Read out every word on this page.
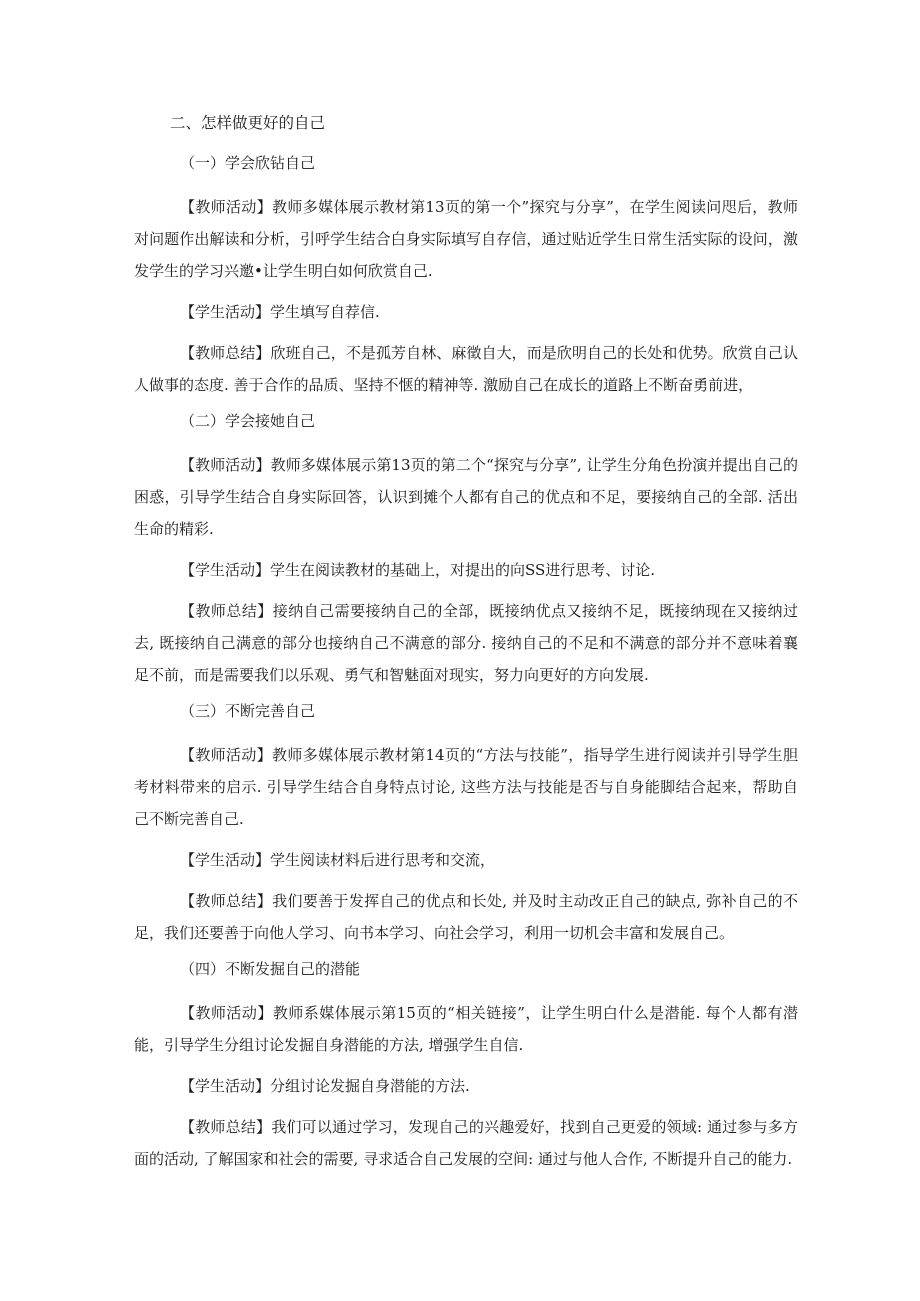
二、怎样做更好的自己
（一）学会欣钻自己

【教师活动】教师多媒体展示教材第13页的第一个”探究与分享”，在学生阅读问咫后，教师对问题作出解读和分析，引呼学生结合白身实际填写自存信，通过贴近学生日常生活实际的设问，激发学生的学习兴邀•让学生明白如何欣赏自己.

【学生活动】学生填写自荐信.

【教师总结】欣班自己，不是孤芳自林、麻徵自大，而是欣明自己的长处和优势。欣赏自己认人做事的态度. 善于合作的品质、坚持不惬的精神等. 激励自己在成长的道路上不断奋勇前进，

（二）学会接她自己

【教师活动】教师多媒体展示第13页的第二个“探究与分享”, 让学生分角色扮演并提出自己的困惑，引导学生结合自身实际回答，认识到摊个人都有自己的优点和不足，要接纳自己的全部. 活出生命的精彩.

【学生活动】学生在阅读教材的基础上，对提出的向SS进行思考、讨论.

【教师总结】接纳自己需要接纳自己的全部，既接纳优点又接纳不足，既接纳现在又接纳过去, 既接纳自己满意的部分也接纳自己不满意的部分. 接纳自己的不足和不满意的部分并不意味着襄足不前，而是需要我们以乐观、勇气和智魅面对现实，努力向更好的方向发展.

（三）不断完善自己

【教师活动】教师多媒体展示教材第14页的“方法与技能”，指导学生进行阅读并引导学生胆考材料带来的启示. 引导学生结合自身特点讨论, 这些方法与技能是否与自身能脚结合起来，帮助自己不断完善自己.

【学生活动】学生阅读材料后进行思考和交流，

【教师总结】我们要善于发挥自己的优点和长处, 并及时主动改正自己的缺点, 弥补自己的不足，我们还要善于向他人学习、向书本学习、向社会学习，利用一切机会丰富和发展自己。

（四）不断发掘自己的潜能

【教师活动】教师系媒体展示第15页的“相关链接”，让学生明白什么是潜能. 每个人都有潜能，引导学生分组讨论发掘自身潜能的方法, 增强学生自信.

【学生活动】分组讨论发掘自身潜能的方法.

【教师总结】我们可以通过学习，发现自己的兴趣爱好，找到自己更爱的领域: 通过参与多方面的活动, 了解国家和社会的需要, 寻求适合自己发展的空间: 通过与他人合作, 不断提升自己的能力.
